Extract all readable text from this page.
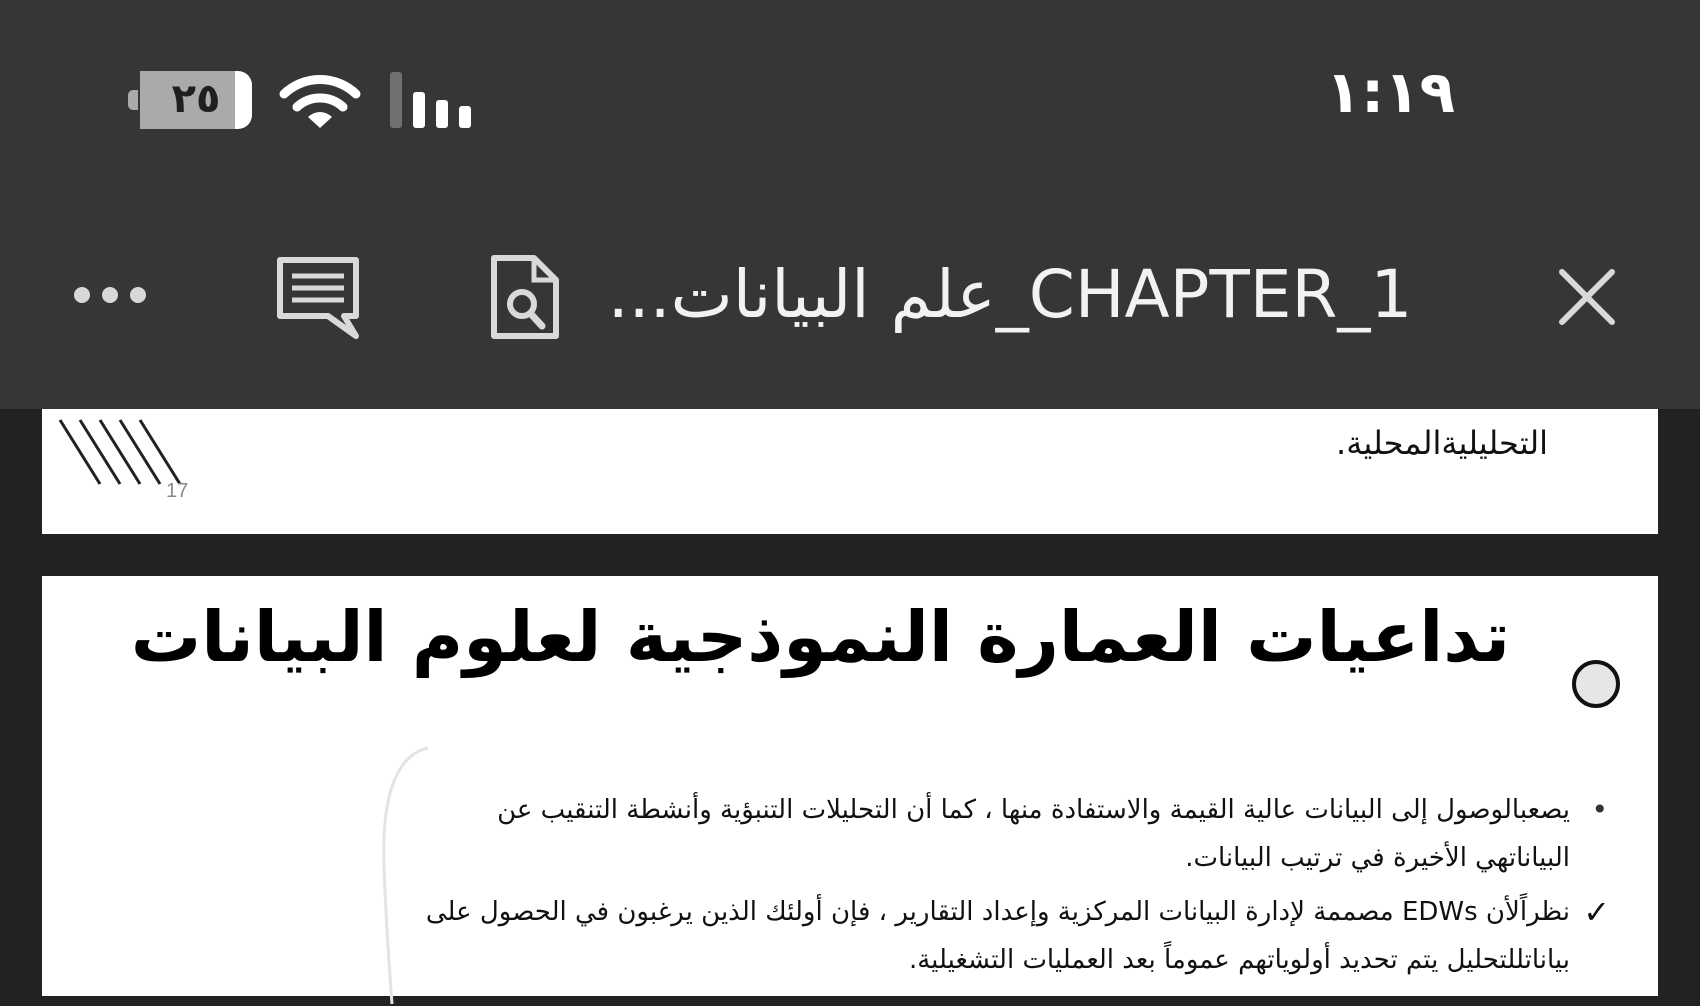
٢٥	١:١٩
...علم البيانات_CHAPTER_1
التحليليةالمحلية.
17
تداعيات العمارة النموذجية لعلوم البيانات
•
يصعبالوصول إلى البيانات عالية القيمة والاستفادة منها ، كما أن التحليلات التنبؤية وأنشطة التنقيب عن
البياناتهي الأخيرة في ترتيب البيانات.
✓
نظراًلأن EDWs مصممة لإدارة البيانات المركزية وإعداد التقارير ، فإن أولئك الذين يرغبون في الحصول على
بياناتللتحليل يتم تحديد أولوياتهم عموماً بعد العمليات التشغيلية.
